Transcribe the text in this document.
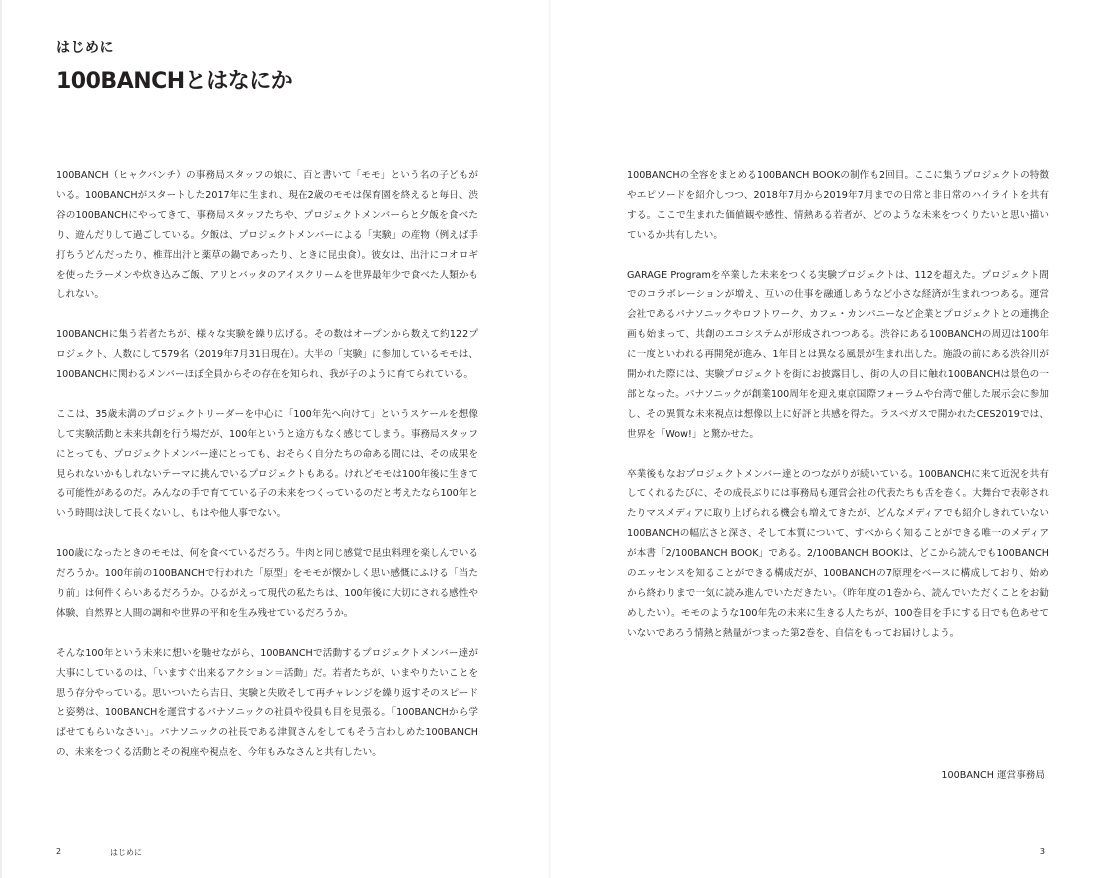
はじめに
100BANCHとはなにか

100BANCH（ヒャクバンチ）の事務局スタッフの娘に、百と書いて「モモ」という名の子どもがいる。100BANCHがスタートした2017年に生まれ、現在2歳のモモは保育園を終えると毎日、渋谷の100BANCHにやってきて、事務局スタッフたちや、プロジェクトメンバーらと夕飯を食べたり、遊んだりして過ごしている。夕飯は、プロジェクトメンバーによる「実験」の産物（例えば手打ちうどんだったり、椎茸出汁と薬草の鍋であったり、ときに昆虫食）。彼女は、出汁にコオロギを使ったラーメンや炊き込みご飯、アリとバッタのアイスクリームを世界最年少で食べた人類かもしれない。

100BANCHに集う若者たちが、様々な実験を繰り広げる。その数はオープンから数えて約122プロジェクト、人数にして579名（2019年7月31日現在）。大半の「実験」に参加しているモモは、100BANCHに関わるメンバーほぼ全員からその存在を知られ、我が子のように育てられている。

ここは、35歳未満のプロジェクトリーダーを中心に「100年先へ向けて」というスケールを想像して実験活動と未来共創を行う場だが、100年というと途方もなく感じてしまう。事務局スタッフにとっても、プロジェクトメンバー達にとっても、おそらく自分たちの命ある間には、その成果を見られないかもしれないテーマに挑んでいるプロジェクトもある。けれどモモは100年後に生きてる可能性があるのだ。みんなの手で育てている子の未来をつくっているのだと考えたなら100年という時間は決して長くないし、もはや他人事でない。

100歳になったときのモモは、何を食べているだろう。牛肉と同じ感覚で昆虫料理を楽しんでいるだろうか。100年前の100BANCHで行われた「原型」をモモが懐かしく思い感慨にふける「当たり前」は何件くらいあるだろうか。ひるがえって現代の私たちは、100年後に大切にされる感性や体験、自然界と人間の調和や世界の平和を生み残せているだろうか。

そんな100年という未来に想いを馳せながら、100BANCHで活動するプロジェクトメンバー達が大事にしているのは、「いますぐ出来るアクション＝活動」だ。若者たちが、いまやりたいことを思う存分やっている。思いついたら吉日、実験と失敗そして再チャレンジを繰り返すそのスピードと姿勢は、100BANCHを運営するパナソニックの社員や役員も目を見張る。「100BANCHから学ばせてもらいなさい」。パナソニックの社長である津賀さんをしてもそう言わしめた100BANCHの、未来をつくる活動とその視座や視点を、今年もみなさんと共有したい。

100BANCHの全容をまとめる100BANCH BOOKの制作も2回目。ここに集うプロジェクトの特徴やエピソードを紹介しつつ、2018年7月から2019年7月までの日常と非日常のハイライトを共有する。ここで生まれた価値観や感性、情熱ある若者が、どのような未来をつくりたいと思い描いているか共有したい。

GARAGE Programを卒業した未来をつくる実験プロジェクトは、112を超えた。プロジェクト間でのコラボレーションが増え、互いの仕事を融通しあうなど小さな経済が生まれつつある。運営会社であるパナソニックやロフトワーク、カフェ・カンパニーなど企業とプロジェクトとの連携企画も始まって、共創のエコシステムが形成されつつある。渋谷にある100BANCHの周辺は100年に一度といわれる再開発が進み、1年目とは異なる風景が生まれ出した。施設の前にある渋谷川が開かれた際には、実験プロジェクトを街にお披露目し、街の人の目に触れ100BANCHは景色の一部となった。パナソニックが創業100周年を迎え東京国際フォーラムや台湾で催した展示会に参加し、その異質な未来視点は想像以上に好評と共感を得た。ラスベガスで開かれたCES2019では、世界を「Wow!」と驚かせた。

卒業後もなおプロジェクトメンバー達とのつながりが続いている。100BANCHに来て近況を共有してくれるたびに、その成長ぶりには事務局も運営会社の代表たちも舌を巻く。大舞台で表彰されたりマスメディアに取り上げられる機会も増えてきたが、どんなメディアでも紹介しきれていない100BANCHの幅広さと深さ、そして本質について、すべからく知ることができる唯一のメディアが本書「2/100BANCH BOOK」である。2/100BANCH BOOKは、どこから読んでも100BANCHのエッセンスを知ることができる構成だが、100BANCHの7原理をベースに構成しており、始めから終わりまで一気に読み進んでいただきたい。（昨年度の1巻から、読んでいただくことをお勧めしたい）。モモのような100年先の未来に生きる人たちが、100巻目を手にする日でも色あせていないであろう情熱と熱量がつまった第2巻を、自信をもってお届けしよう。

100BANCH 運営事務局
2	はじめに	3
